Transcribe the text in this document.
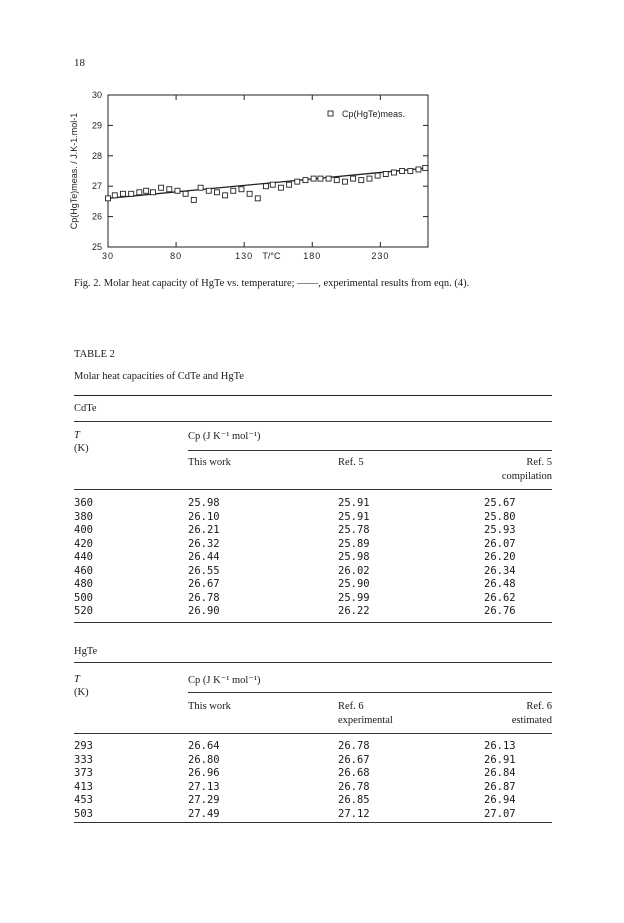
18
25
26
27
28
29
30
30	80	130	180	230
Cp(HgTe)meas.
T/°C
Cp(HgTe)meas. / J.K-1.mol-1
Fig. 2. Molar heat capacity of HgTe vs. temperature; ——, experimental results from eqn. (4).
TABLE 2
Molar heat capacities of CdTe and HgTe
CdTe
T
(K)
Cp (J K⁻¹ mol⁻¹)
This work	Ref. 5	Ref. 5
compilation
360	25.98	25.91	25.67
380	26.10	25.91	25.80
400	26.21	25.78	25.93
420	26.32	25.89	26.07
440	26.44	25.98	26.20
460	26.55	26.02	26.34
480	26.67	25.90	26.48
500	26.78	25.99	26.62
520	26.90	26.22	26.76
HgTe
T
(K)
Cp (J K⁻¹ mol⁻¹)
This work	Ref. 6
experimental
Ref. 6
estimated
293	26.64	26.78	26.13
333	26.80	26.67	26.91
373	26.96	26.68	26.84
413	27.13	26.78	26.87
453	27.29	26.85	26.94
503	27.49	27.12	27.07
